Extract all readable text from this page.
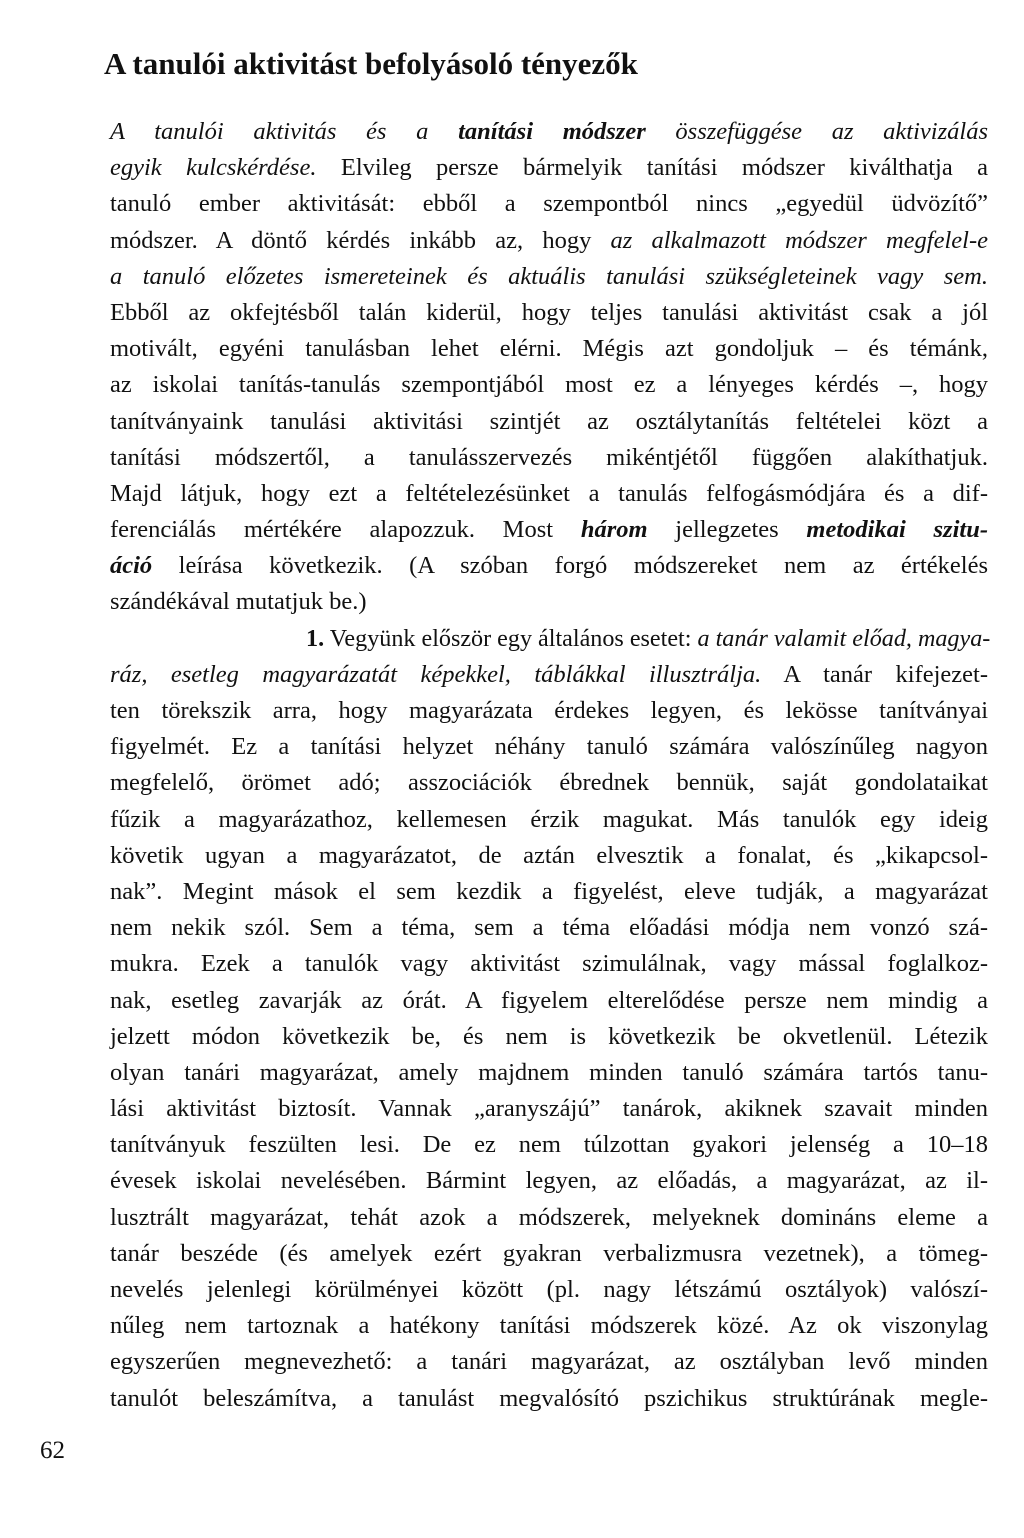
A tanulói aktivitást befolyásoló tényezők
A tanulói aktivitás és a tanítási módszer összefüggése az aktivizálás
egyik kulcskérdése. Elvileg persze bármelyik tanítási módszer kiválthatja a
tanuló ember aktivitását: ebből a szempontból nincs „egyedül üdvözítő”
módszer. A döntő kérdés inkább az, hogy az alkalmazott módszer megfelel-e
a tanuló előzetes ismereteinek és aktuális tanulási szükségleteinek vagy sem.
Ebből az okfejtésből talán kiderül, hogy teljes tanulási aktivitást csak a jól
motivált, egyéni tanulásban lehet elérni. Mégis azt gondoljuk – és témánk,
az iskolai tanítás-tanulás szempontjából most ez a lényeges kérdés –, hogy
tanítványaink tanulási aktivitási szintjét az osztálytanítás feltételei közt a
tanítási módszertől, a tanulásszervezés mikéntjétől függően alakíthatjuk.
Majd látjuk, hogy ezt a feltételezésünket a tanulás felfogásmódjára és a dif-
ferenciálás mértékére alapozzuk. Most három jellegzetes metodikai szitu-
áció leírása következik. (A szóban forgó módszereket nem az értékelés
szándékával mutatjuk be.)
1. Vegyünk először egy általános esetet: a tanár valamit előad, magya-
ráz, esetleg magyarázatát képekkel, táblákkal illusztrálja. A tanár kifejezet-
ten törekszik arra, hogy magyarázata érdekes legyen, és lekösse tanítványai
figyelmét. Ez a tanítási helyzet néhány tanuló számára valószínűleg nagyon
megfelelő, örömet adó; asszociációk ébrednek bennük, saját gondolataikat
fűzik a magyarázathoz, kellemesen érzik magukat. Más tanulók egy ideig
követik ugyan a magyarázatot, de aztán elvesztik a fonalat, és „kikapcsol-
nak”. Megint mások el sem kezdik a figyelést, eleve tudják, a magyarázat
nem nekik szól. Sem a téma, sem a téma előadási módja nem vonzó szá-
mukra. Ezek a tanulók vagy aktivitást szimulálnak, vagy mással foglalkoz-
nak, esetleg zavarják az órát. A figyelem elterelődése persze nem mindig a
jelzett módon következik be, és nem is következik be okvetlenül. Létezik
olyan tanári magyarázat, amely majdnem minden tanuló számára tartós tanu-
lási aktivitást biztosít. Vannak „aranyszájú” tanárok, akiknek szavait minden
tanítványuk feszülten lesi. De ez nem túlzottan gyakori jelenség a 10–18
évesek iskolai nevelésében. Bármint legyen, az előadás, a magyarázat, az il-
lusztrált magyarázat, tehát azok a módszerek, melyeknek domináns eleme a
tanár beszéde (és amelyek ezért gyakran verbalizmusra vezetnek), a tömeg-
nevelés jelenlegi körülményei között (pl. nagy létszámú osztályok) valószí-
nűleg nem tartoznak a hatékony tanítási módszerek közé. Az ok viszonylag
egyszerűen megnevezhető: a tanári magyarázat, az osztályban levő minden
tanulót beleszámítva, a tanulást megvalósító pszichikus struktúrának megle-
62
